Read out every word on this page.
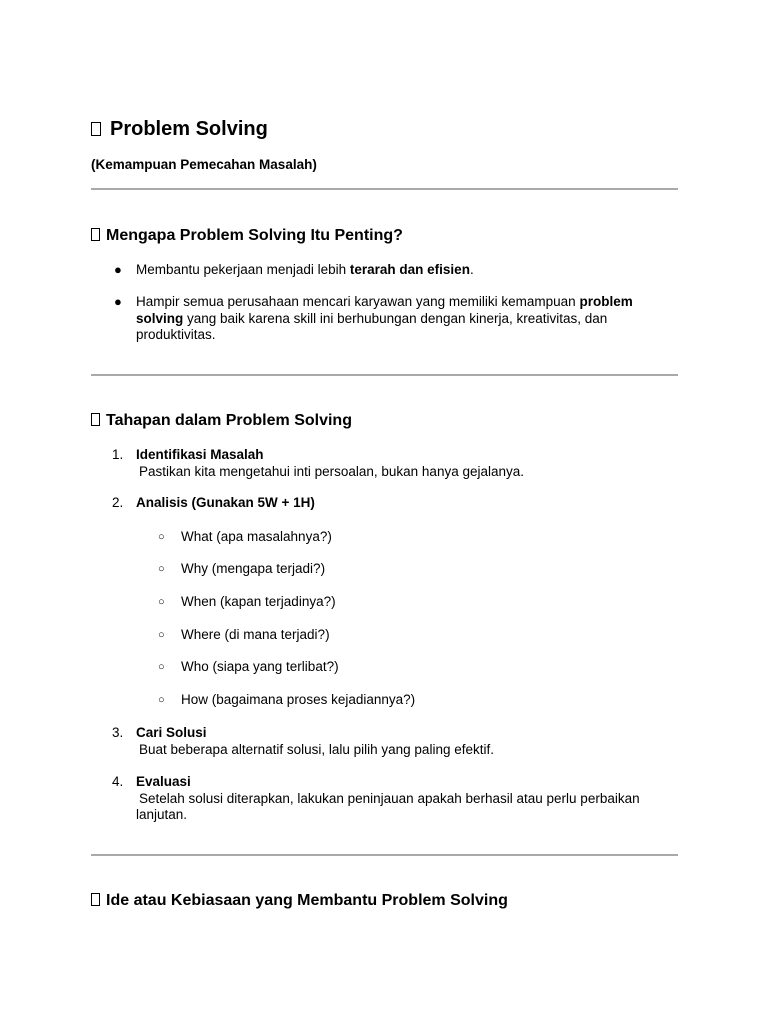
Problem Solving
(Kemampuan Pemecahan Masalah)
Mengapa Problem Solving Itu Penting?
● Membantu pekerjaan menjadi lebih terarah dan efisien.
● Hampir semua perusahaan mencari karyawan yang memiliki kemampuan problem solving yang baik karena skill ini berhubungan dengan kinerja, kreativitas, dan produktivitas.
Tahapan dalam Problem Solving
1. Identifikasi Masalah
Pastikan kita mengetahui inti persoalan, bukan hanya gejalanya.
2. Analisis (Gunakan 5W + 1H)
○ What (apa masalahnya?)
○ Why (mengapa terjadi?)
○ When (kapan terjadinya?)
○ Where (di mana terjadi?)
○ Who (siapa yang terlibat?)
○ How (bagaimana proses kejadiannya?)
3. Cari Solusi
Buat beberapa alternatif solusi, lalu pilih yang paling efektif.
4. Evaluasi
Setelah solusi diterapkan, lakukan peninjauan apakah berhasil atau perlu perbaikan lanjutan.
Ide atau Kebiasaan yang Membantu Problem Solving
